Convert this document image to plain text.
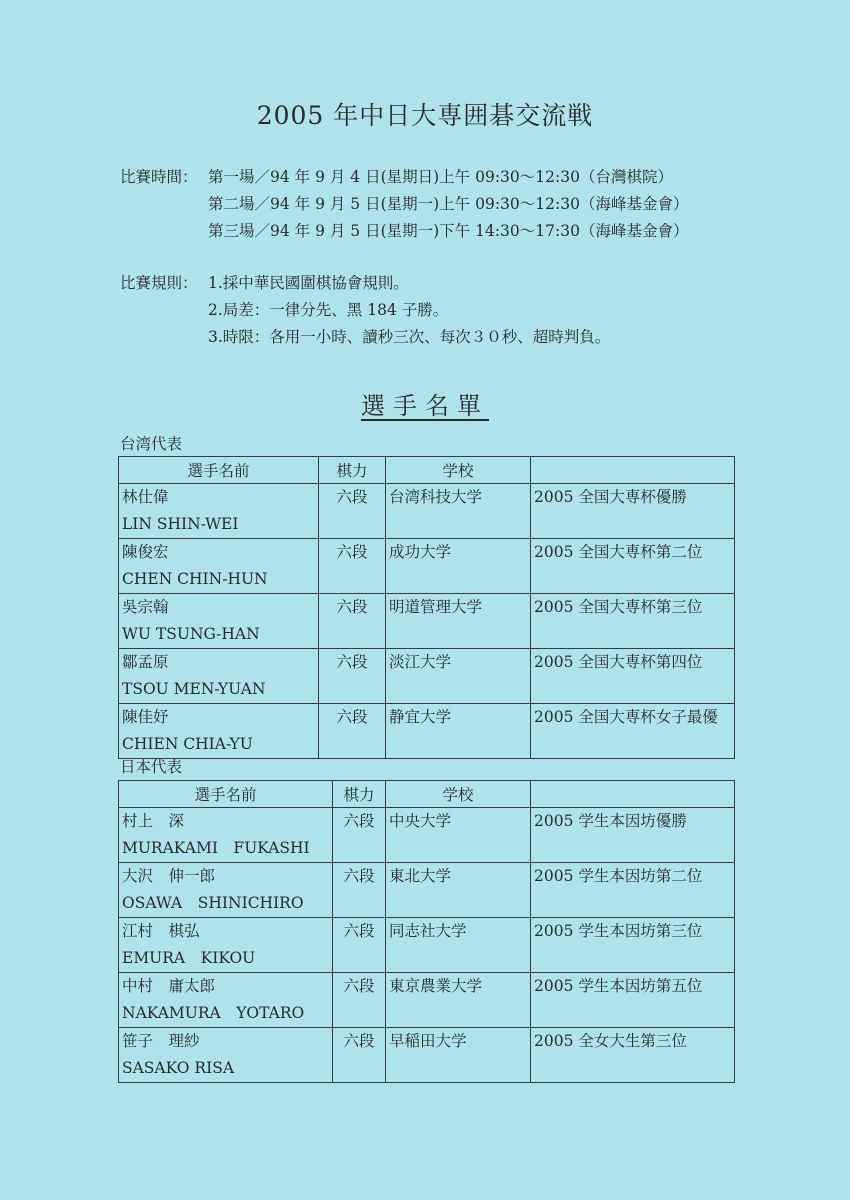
2005 年中日大専囲碁交流戦
比賽時間： 第一場／94 年 9 月 4 日(星期日)上午 09:30～12:30（台灣棋院）
第二場／94 年 9 月 5 日(星期一)上午 09:30～12:30（海峰基金會）
第三場／94 年 9 月 5 日(星期一)下午 14:30～17:30（海峰基金會）
比賽規則： 1.採中華民國圍棋協會規則。
2.局差：一律分先、黑 184 子勝。
3.時限：各用一小時、讀秒三次、每次３０秒、超時判負。
選手名單
台湾代表
選手名前	棋力	学校	

林仕偉
LIN SHIN-WEI	六段	台湾科技大学	2005 全国大専杯優勝

陳俊宏
CHEN CHIN-HUN	六段	成功大学	2005 全国大専杯第二位

吳宗翰
WU TSUNG-HAN	六段	明道管理大学	2005 全国大専杯第三位

鄒孟原
TSOU MEN-YUAN	六段	淡江大学	2005 全国大専杯第四位

陳佳妤
CHIEN CHIA-YU	六段	静宜大学	2005 全国大専杯女子最優
日本代表
選手名前	棋力	学校	

村上　深
MURAKAMI　FUKASHI	六段	中央大学	2005 学生本因坊優勝

大沢　伸一郎
OSAWA　SHINICHIRO	六段	東北大学	2005 学生本因坊第二位

江村　棋弘
EMURA　KIKOU	六段	同志社大学	2005 学生本因坊第三位

中村　庸太郎
NAKAMURA　YOTARO	六段	東京農業大学	2005 学生本因坊第五位

笹子　理紗
SASAKO RISA	六段	早稲田大学	2005 全女大生第三位
